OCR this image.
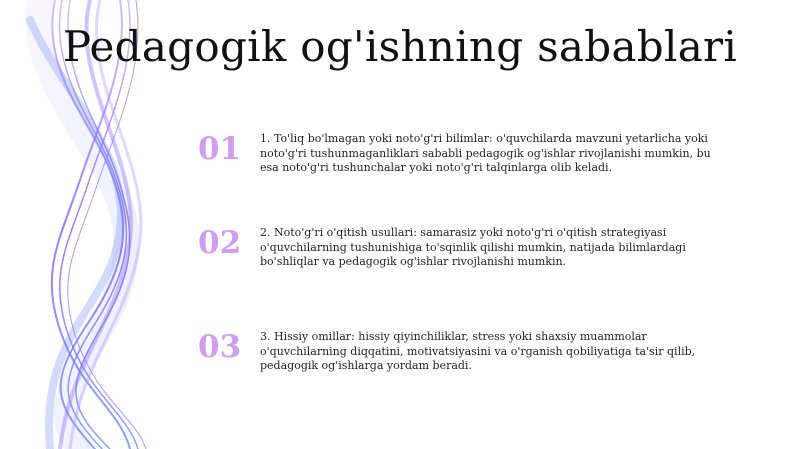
Pedagogik og'ishning sabablari
01	1. To'liq bo'lmagan yoki noto'g'ri bilimlar: o'quvchilarda mavzuni yetarlicha yoki noto'g'ri tushunmaganliklari sababli pedagogik og'ishlar rivojlanishi mumkin, bu esa noto'g'ri tushunchalar yoki noto'g'ri talqinlarga olib keladi.
02	2. Noto'g'ri o'qitish usullari: samarasiz yoki noto'g'ri o'qitish strategiyasi o'quvchilarning tushunishiga to'sqinlik qilishi mumkin, natijada bilimlardagi bo'shliqlar va pedagogik og'ishlar rivojlanishi mumkin.
03	3. Hissiy omillar: hissiy qiyinchiliklar, stress yoki shaxsiy muammolar o'quvchilarning diqqatini, motivatsiyasini va o'rganish qobiliyatiga ta'sir qilib, pedagogik og'ishlarga yordam beradi.
